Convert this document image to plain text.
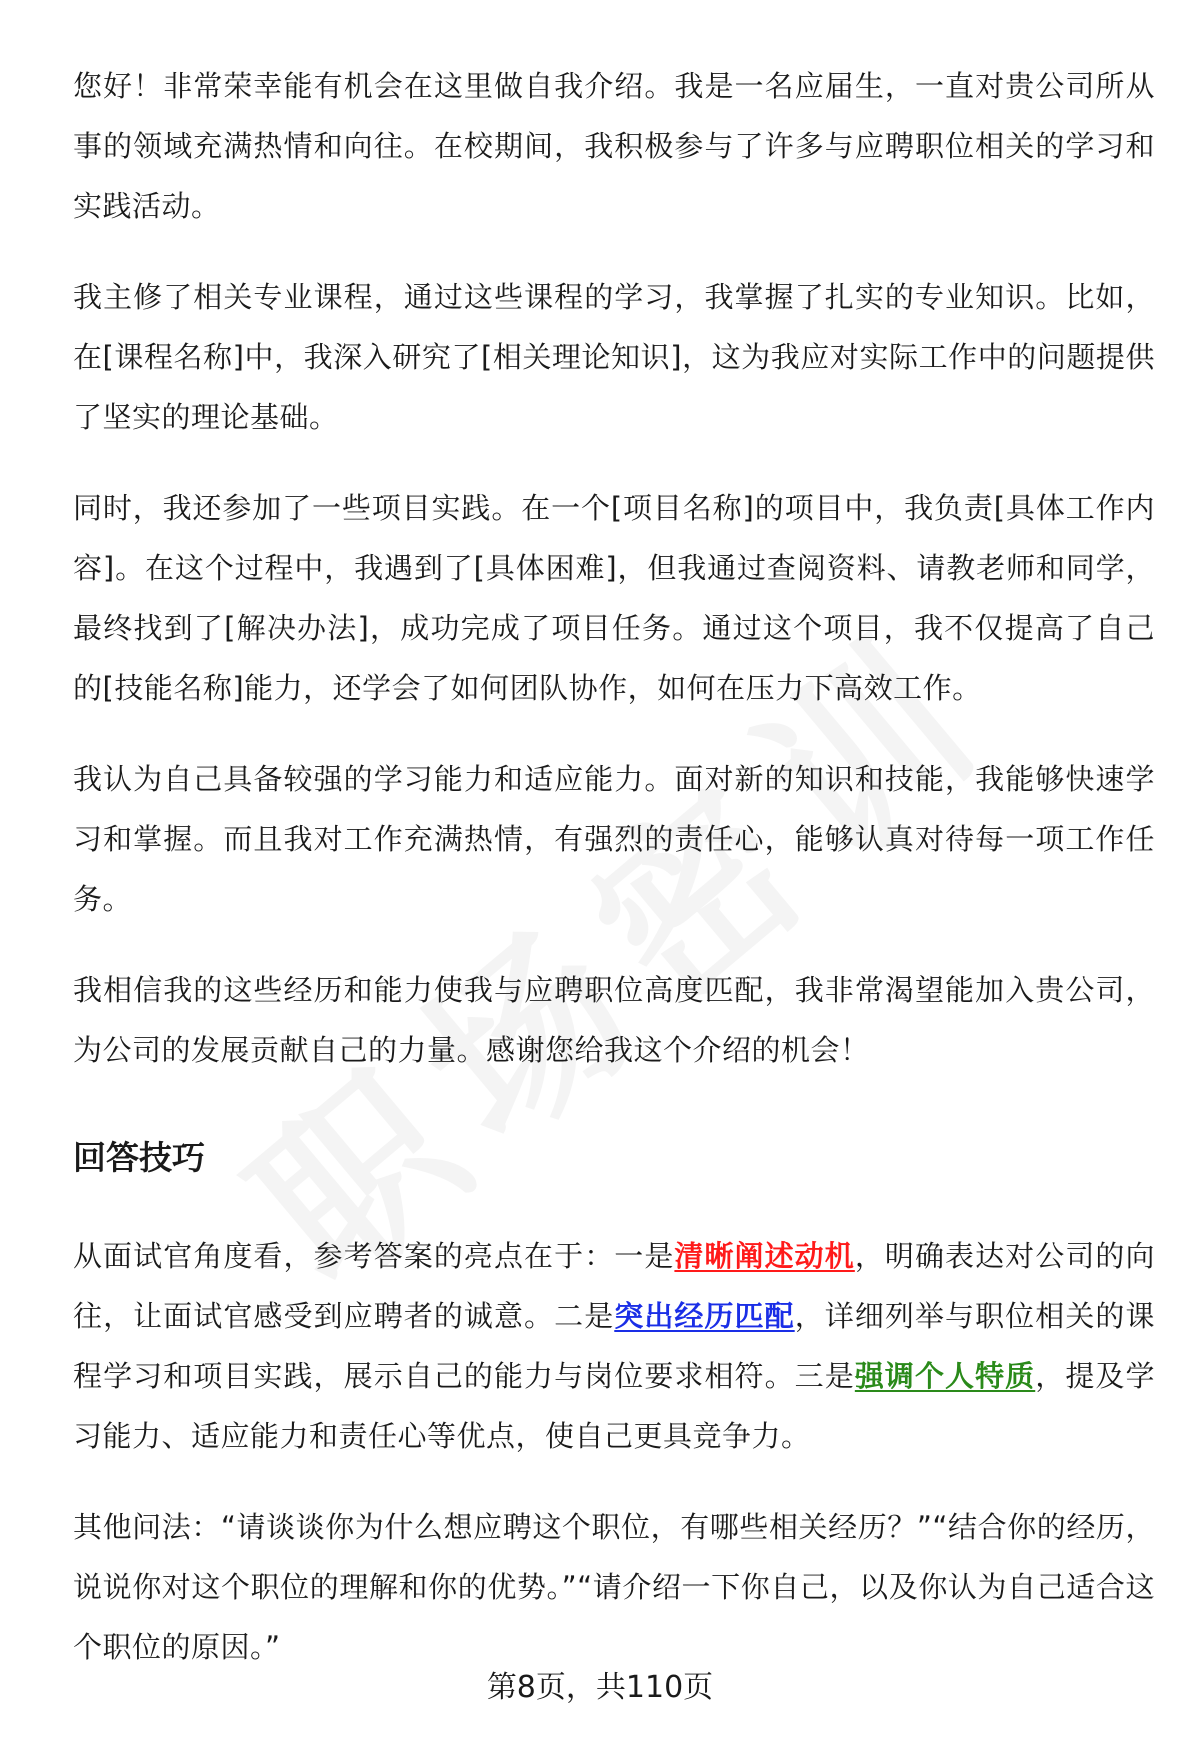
您好！非常荣幸能有机会在这里做自我介绍。我是一名应届生，一直对贵公司所从事的领域充满热情和向往。在校期间，我积极参与了许多与应聘职位相关的学习和实践活动。

我主修了相关专业课程，通过这些课程的学习，我掌握了扎实的专业知识。比如，在[课程名称]中，我深入研究了[相关理论知识]，这为我应对实际工作中的问题提供了坚实的理论基础。

同时，我还参加了一些项目实践。在一个[项目名称]的项目中，我负责[具体工作内容]。在这个过程中，我遇到了[具体困难]，但我通过查阅资料、请教老师和同学，最终找到了[解决办法]，成功完成了项目任务。通过这个项目，我不仅提高了自己的[技能名称]能力，还学会了如何团队协作，如何在压力下高效工作。

我认为自己具备较强的学习能力和适应能力。面对新的知识和技能，我能够快速学习和掌握。而且我对工作充满热情，有强烈的责任心，能够认真对待每一项工作任务。

我相信我的这些经历和能力使我与应聘职位高度匹配，我非常渴望能加入贵公司，为公司的发展贡献自己的力量。感谢您给我这个介绍的机会！

回答技巧

从面试官角度看，参考答案的亮点在于：一是清晰阐述动机，明确表达对公司的向往，让面试官感受到应聘者的诚意。二是突出经历匹配，详细列举与职位相关的课程学习和项目实践，展示自己的能力与岗位要求相符。三是强调个人特质，提及学习能力、适应能力和责任心等优点，使自己更具竞争力。

其他问法：“请谈谈你为什么想应聘这个职位，有哪些相关经历？”“结合你的经历，说说你对这个职位的理解和你的优势。”“请介绍一下你自己，以及你认为自己适合这个职位的原因。”

第8页，共110页
